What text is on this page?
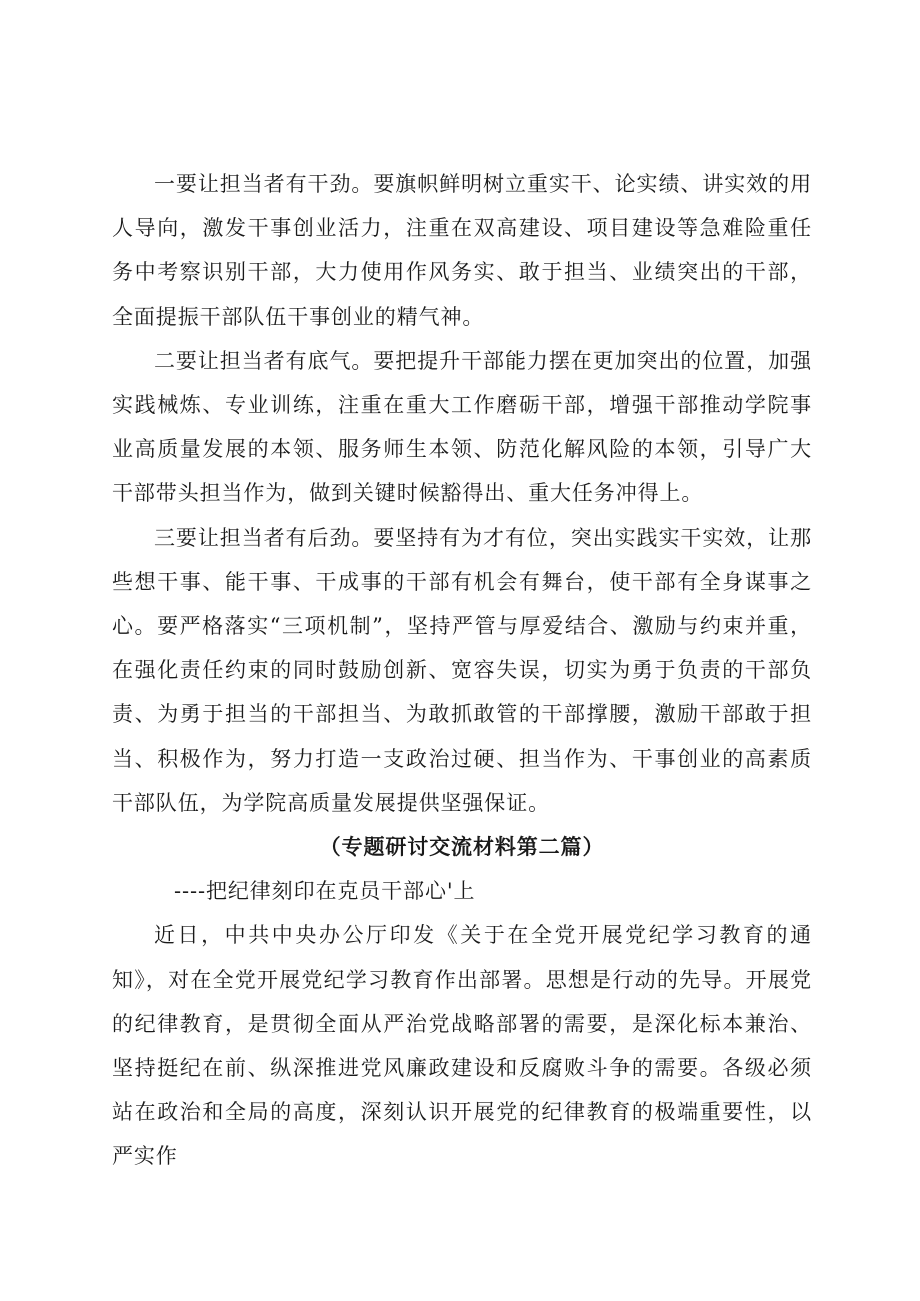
一要让担当者有干劲。要旗帜鲜明树立重实干、论实绩、讲实效的用人导向，激发干事创业活力，注重在双高建设、项目建设等急难险重任务中考察识别干部，大力使用作风务实、敢于担当、业绩突出的干部，全面提振干部队伍干事创业的精气神。

二要让担当者有底气。要把提升干部能力摆在更加突出的位置，加强实践械炼、专业训练，注重在重大工作磨砺干部，增强干部推动学院事业高质量发展的本领、服务师生本领、防范化解风险的本领，引导广大干部带头担当作为，做到关键时候豁得出、重大任务冲得上。

三要让担当者有后劲。要坚持有为才有位，突出实践实干实效，让那些想干事、能干事、干成事的干部有机会有舞台，使干部有全身谋事之心。要严格落实“三项机制”，坚持严管与厚爱结合、激励与约束并重，在强化责任约束的同时鼓励创新、宽容失误，切实为勇于负责的干部负责、为勇于担当的干部担当、为敢抓敢管的干部撑腰，激励干部敢于担当、积极作为，努力打造一支政治过硬、担当作为、干事创业的高素质干部队伍，为学院高质量发展提供坚强保证。

（专题研讨交流材料第二篇）

----把纪律刻印在克员干部心'上

近日，中共中央办公厅印发《关于在全党开展党纪学习教育的通知》，对在全党开展党纪学习教育作出部署。思想是行动的先导。开展党的纪律教育，是贯彻全面从严治党战略部署的需要，是深化标本兼治、坚持挺纪在前、纵深推进党风廉政建设和反腐败斗争的需要。各级必须站在政治和全局的高度，深刻认识开展党的纪律教育的极端重要性，以严实作
